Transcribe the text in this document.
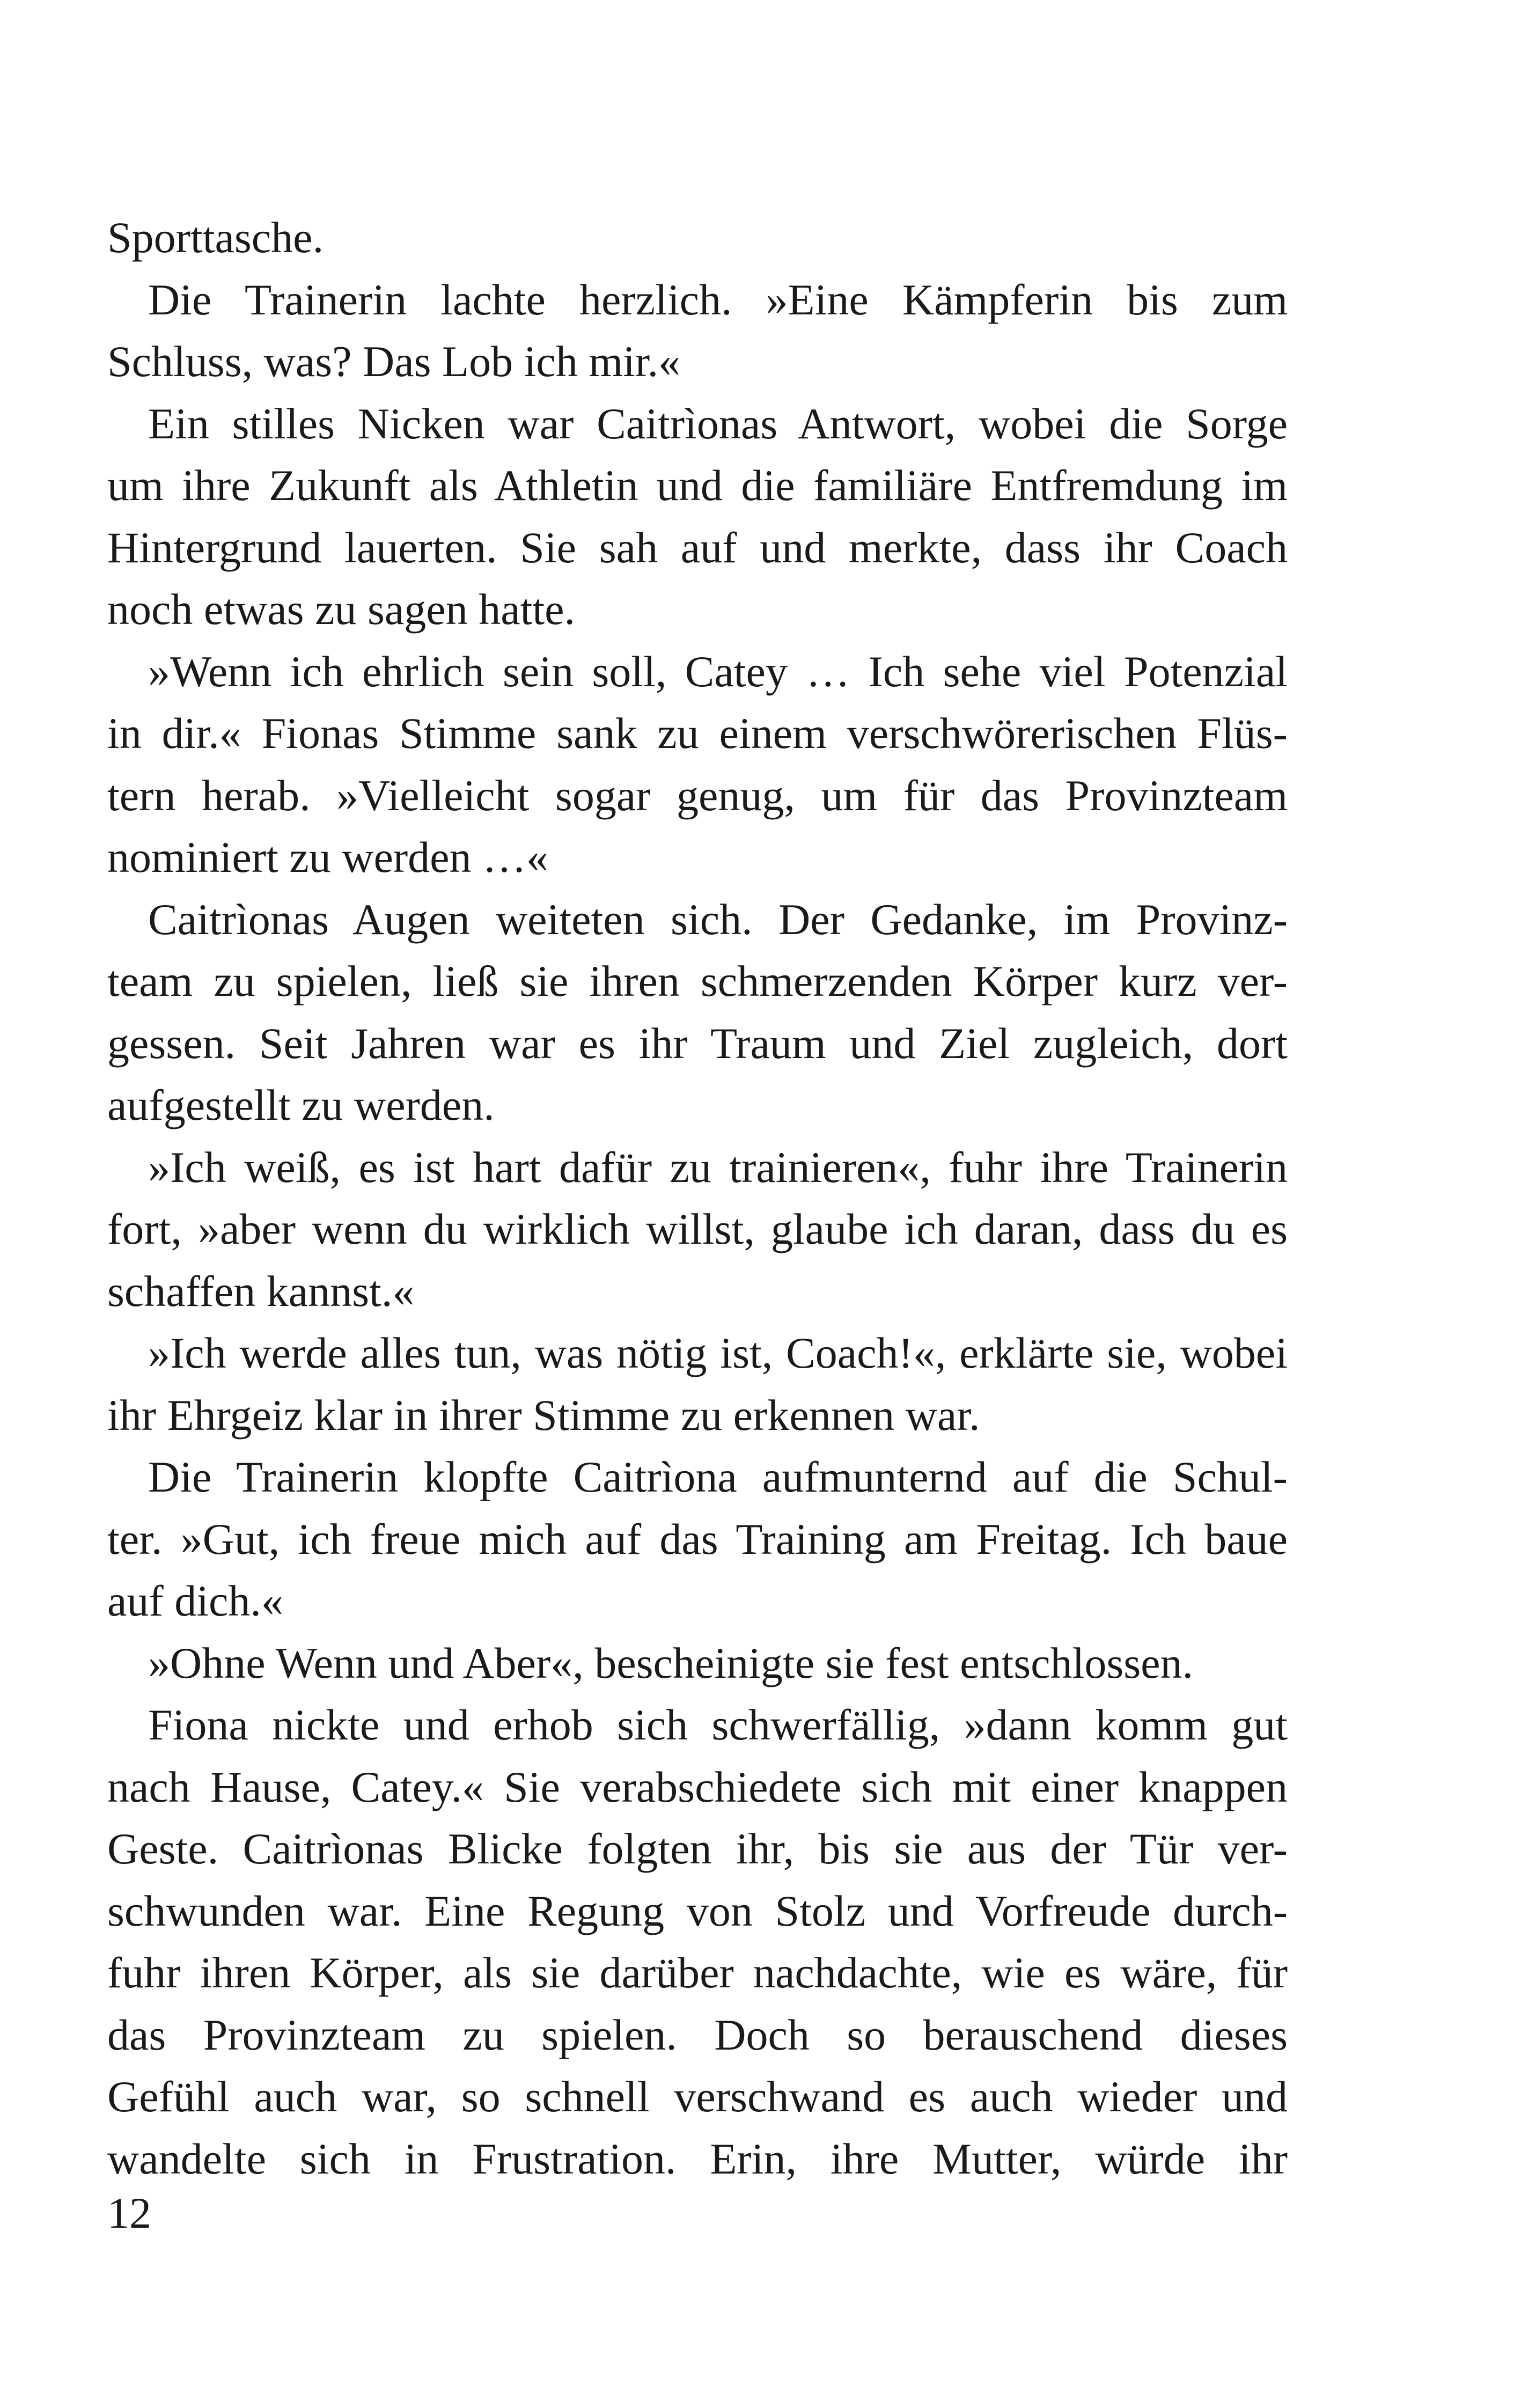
Sporttasche.
Die Trainerin lachte herzlich. »Eine Kämpferin bis zum
Schluss, was? Das Lob ich mir.«
Ein stilles Nicken war Caitrìonas Antwort, wobei die Sorge
um ihre Zukunft als Athletin und die familiäre Entfremdung im
Hintergrund lauerten. Sie sah auf und merkte, dass ihr Coach
noch etwas zu sagen hatte.
»Wenn ich ehrlich sein soll, Catey … Ich sehe viel Potenzial
in dir.« Fionas Stimme sank zu einem verschwörerischen Flüs-
tern herab. »Vielleicht sogar genug, um für das Provinzteam
nominiert zu werden …«
Caitrìonas Augen weiteten sich. Der Gedanke, im Provinz-
team zu spielen, ließ sie ihren schmerzenden Körper kurz ver-
gessen. Seit Jahren war es ihr Traum und Ziel zugleich, dort
aufgestellt zu werden.
»Ich weiß, es ist hart dafür zu trainieren«, fuhr ihre Trainerin
fort, »aber wenn du wirklich willst, glaube ich daran, dass du es
schaffen kannst.«
»Ich werde alles tun, was nötig ist, Coach!«, erklärte sie, wobei
ihr Ehrgeiz klar in ihrer Stimme zu erkennen war.
Die Trainerin klopfte Caitrìona aufmunternd auf die Schul-
ter. »Gut, ich freue mich auf das Training am Freitag. Ich baue
auf dich.«
»Ohne Wenn und Aber«, bescheinigte sie fest entschlossen.
Fiona nickte und erhob sich schwerfällig, »dann komm gut
nach Hause, Catey.« Sie verabschiedete sich mit einer knappen
Geste. Caitrìonas Blicke folgten ihr, bis sie aus der Tür ver-
schwunden war. Eine Regung von Stolz und Vorfreude durch-
fuhr ihren Körper, als sie darüber nachdachte, wie es wäre, für
das Provinzteam zu spielen. Doch so berauschend dieses
Gefühl auch war, so schnell verschwand es auch wieder und
wandelte sich in Frustration. Erin, ihre Mutter, würde ihr
12
